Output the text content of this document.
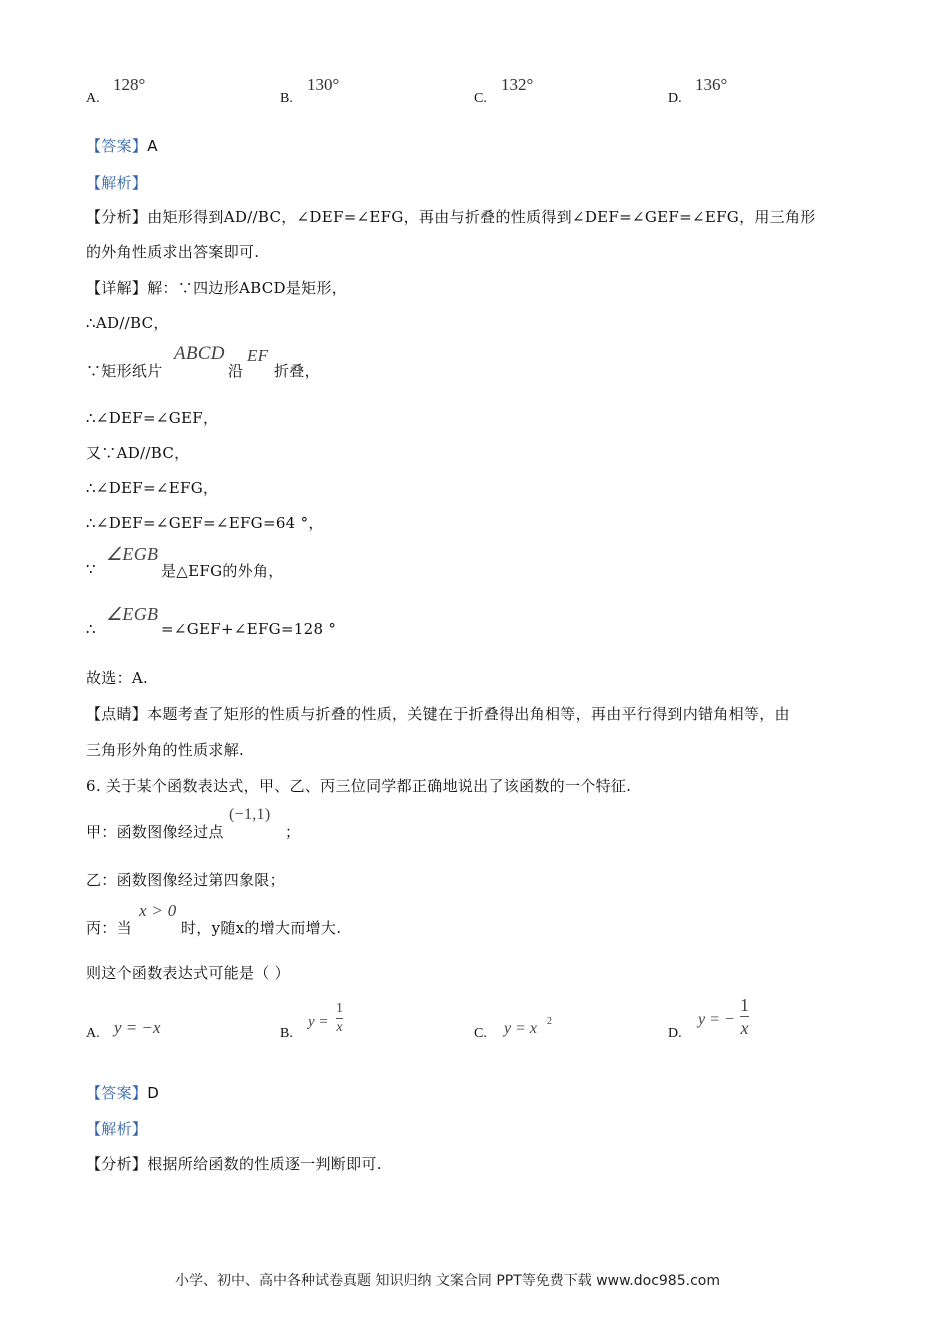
A.
128°
B.
130°
C.
132°
D.
136°
【答案】A
【解析】
【分析】由矩形得到AD//BC，∠DEF=∠EFG，再由与折叠的性质得到∠DEF=∠GEF=∠EFG，用三角形
的外角性质求出答案即可.
【详解】解：∵四边形ABCD是矩形，
∴AD//BC，
∵矩形纸片
ABCD
沿
EF
折叠，
∴∠DEF=∠GEF，
又∵AD//BC，
∴∠DEF=∠EFG，
∴∠DEF=∠GEF=∠EFG=64 °，
∵
∠EGB
是△EFG的外角，
∴
∠EGB
=∠GEF+∠EFG=128 °
故选：A.
【点睛】本题考查了矩形的性质与折叠的性质，关键在于折叠得出角相等，再由平行得到内错角相等，由
三角形外角的性质求解.
6. 关于某个函数表达式，甲、乙、丙三位同学都正确地说出了该函数的一个特征.
甲：函数图像经过点
(−1,1)
；
乙：函数图像经过第四象限；
丙：当
x > 0
时，y随x的增大而增大.
则这个函数表达式可能是（ ）
A. y = −x	B.
y =
1
x	C. y = x 2
D.
y = −
1
x
【答案】D
【解析】
【分析】根据所给函数的性质逐一判断即可.
小学、初中、高中各种试卷真题 知识归纳 文案合同 PPT等免费下载 www.doc985.com
